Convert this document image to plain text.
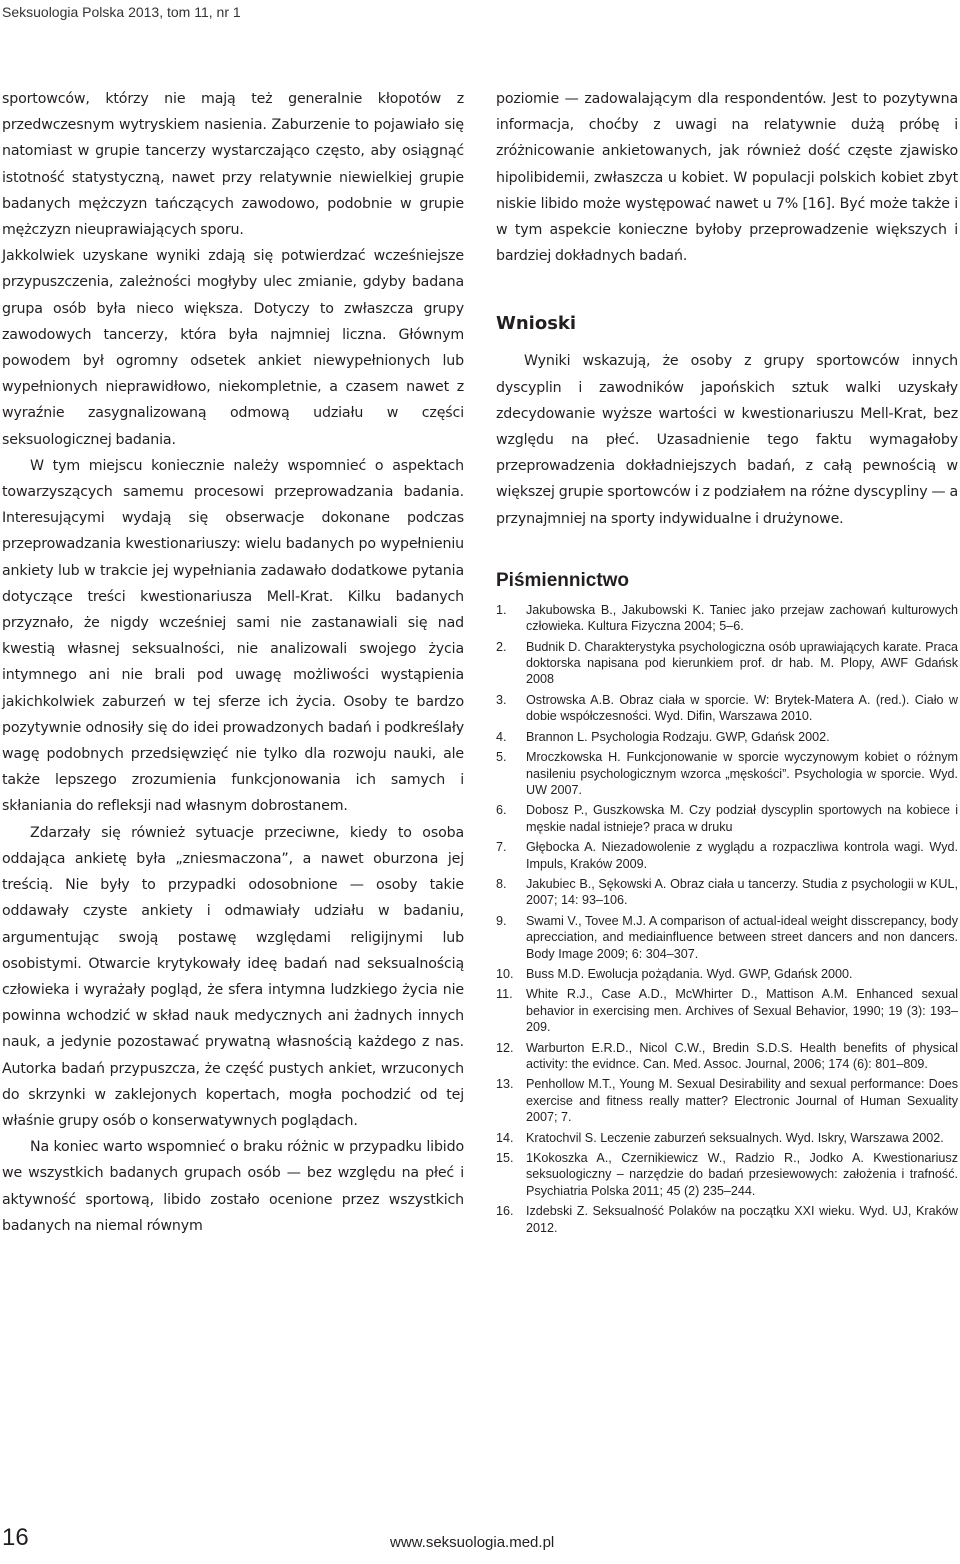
Seksuologia Polska 2013, tom 11, nr 1

sportowców, którzy nie mają też generalnie kłopotów z przedwczesnym wytryskiem nasienia. Zaburzenie to pojawiało się natomiast w grupie tancerzy wystarczająco często, aby osiągnąć istotność statystyczną, nawet przy relatywnie niewielkiej grupie badanych mężczyzn tańczących zawodowo, podobnie w grupie mężczyzn nieuprawiających sporu.

Jakkolwiek uzyskane wyniki zdają się potwierdzać wcześniejsze przypuszczenia, zależności mogłyby ulec zmianie, gdyby badana grupa osób była nieco większa. Dotyczy to zwłaszcza grupy zawodowych tancerzy, która była najmniej liczna. Głównym powodem był ogromny odsetek ankiet niewypełnionych lub wypełnionych nieprawidłowo, niekompletnie, a czasem nawet z wyraźnie zasygnalizowaną odmową udziału w części seksuologicznej badania.

W tym miejscu koniecznie należy wspomnieć o aspektach towarzyszących samemu procesowi przeprowadzania badania. Interesującymi wydają się obserwacje dokonane podczas przeprowadzania kwestionariuszy: wielu badanych po wypełnieniu ankiety lub w trakcie jej wypełniania zadawało dodatkowe pytania dotyczące treści kwestionariusza Mell-Krat. Kilku badanych przyznało, że nigdy wcześniej sami nie zastanawiali się nad kwestią własnej seksualności, nie analizowali swojego życia intymnego ani nie brali pod uwagę możliwości wystąpienia jakichkolwiek zaburzeń w tej sferze ich życia. Osoby te bardzo pozytywnie odnosiły się do idei prowadzonych badań i podkreślały wagę podobnych przedsięwzięć nie tylko dla rozwoju nauki, ale także lepszego zrozumienia funkcjonowania ich samych i skłaniania do refleksji nad własnym dobrostanem.

Zdarzały się również sytuacje przeciwne, kiedy to osoba oddająca ankietę była „zniesmaczona”, a nawet oburzona jej treścią. Nie były to przypadki odosobnione — osoby takie oddawały czyste ankiety i odmawiały udziału w badaniu, argumentując swoją postawę względami religijnymi lub osobistymi. Otwarcie krytykowały ideę badań nad seksualnością człowieka i wyrażały pogląd, że sfera intymna ludzkiego życia nie powinna wchodzić w skład nauk medycznych ani żadnych innych nauk, a jedynie pozostawać prywatną własnością każdego z nas. Autorka badań przypuszcza, że część pustych ankiet, wrzuconych do skrzynki w zaklejonych kopertach, mogła pochodzić od tej właśnie grupy osób o konserwatywnych poglądach.

Na koniec warto wspomnieć o braku różnic w przypadku libido we wszystkich badanych grupach osób — bez względu na płeć i aktywność sportową, libido zostało ocenione przez wszystkich badanych na niemal równym

poziomie — zadowalającym dla respondentów. Jest to pozytywna informacja, choćby z uwagi na relatywnie dużą próbę i zróżnicowanie ankietowanych, jak również dość częste zjawisko hipolibidemii, zwłaszcza u kobiet. W populacji polskich kobiet zbyt niskie libido może występować nawet u 7% [16]. Być może także i w tym aspekcie konieczne byłoby przeprowadzenie większych i bardziej dokładnych badań.

Wnioski

Wyniki wskazują, że osoby z grupy sportowców innych dyscyplin i zawodników japońskich sztuk walki uzyskały zdecydowanie wyższe wartości w kwestionariuszu Mell-Krat, bez względu na płeć. Uzasadnienie tego faktu wymagałoby przeprowadzenia dokładniejszych badań, z całą pewnością w większej grupie sportowców i z podziałem na różne dyscypliny — a przynajmniej na sporty indywidualne i drużynowe.

Piśmiennictwo
1.	Jakubowska B., Jakubowski K. Taniec jako przejaw zachowań kulturowych człowieka. Kultura Fizyczna 2004; 5–6.
2.	Budnik D. Charakterystyka psychologiczna osób uprawiających karate. Praca doktorska napisana pod kierunkiem prof. dr hab. M. Plopy, AWF Gdańsk 2008
3.	Ostrowska A.B. Obraz ciała w sporcie. W: Brytek-Matera A. (red.). Ciało w dobie współczesności. Wyd. Difin, Warszawa 2010.
4.	Brannon L. Psychologia Rodzaju. GWP, Gdańsk 2002.
5.	Mroczkowska H. Funkcjonowanie w sporcie wyczynowym kobiet o różnym nasileniu psychologicznym wzorca „męskości”. Psychologia w sporcie. Wyd. UW 2007.
6.	Dobosz P., Guszkowska M. Czy podział dyscyplin sportowych na kobiece i męskie nadal istnieje? praca w druku
7.	Głębocka A. Niezadowolenie z wyglądu a rozpaczliwa kontrola wagi. Wyd. Impuls, Kraków 2009.
8.	Jakubiec B., Sękowski A. Obraz ciała u tancerzy. Studia z psychologii w KUL, 2007; 14: 93–106.
9.	Swami V., Tovee M.J. A comparison of actual-ideal weight disscrepancy, body aprecciation, and mediainfluence between street dancers and non dancers. Body Image 2009; 6: 304–307.
10. Buss M.D. Ewolucja pożądania. Wyd. GWP, Gdańsk 2000.
11.	White R.J., Case A.D., McWhirter D., Mattison A.M. Enhanced sexual behavior in exercising men. Archives of Sexual Behavior, 1990; 19 (3): 193–209.
12. Warburton E.R.D., Nicol C.W., Bredin S.D.S. Health benefits of physical activity: the evidnce. Can. Med. Assoc. Journal, 2006; 174 (6): 801–809.
13. Penhollow M.T., Young M. Sexual Desirability and sexual performance: Does exercise and fitness really matter? Electronic Journal of Human Sexuality 2007; 7.
14. Kratochvil S. Leczenie zaburzeń seksualnych. Wyd. Iskry, Warszawa 2002.
15. 1Kokoszka A., Czernikiewicz W., Radzio R., Jodko A. Kwestionariusz seksuologiczny – narzędzie do badań przesiewowych: założenia i trafność. Psychiatria Polska 2011; 45 (2) 235–244.
16. Izdebski Z. Seksualność Polaków na początku XXI wieku. Wyd. UJ, Kraków 2012.
16	www.seksuologia.med.pl
